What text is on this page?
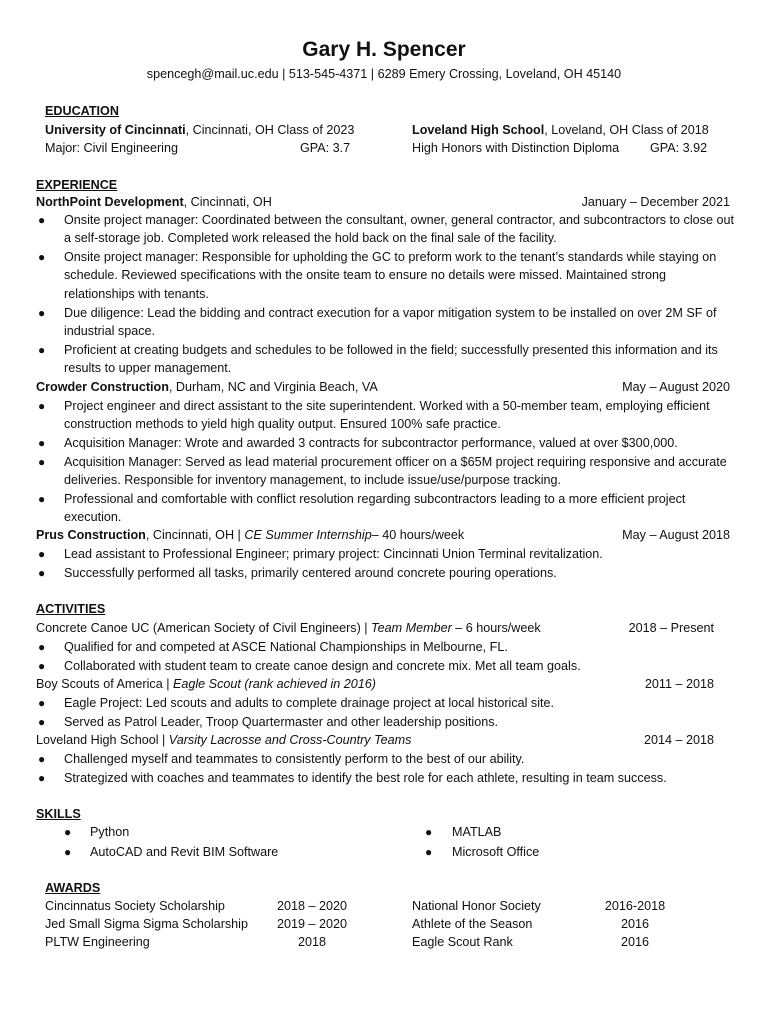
Gary H. Spencer
spencegh@mail.uc.edu | 513-545-4371 | 6289 Emery Crossing, Loveland, OH 45140
EDUCATION
University of Cincinnati, Cincinnati, OH Class of 2023
Major: Civil Engineering	GPA: 3.7
Loveland High School, Loveland, OH Class of 2018
High Honors with Distinction Diploma GPA: 3.92
EXPERIENCE
NorthPoint Development, Cincinnati, OH	January – December 2021
● Onsite project manager: Coordinated between the consultant, owner, general contractor, and subcontractors to close out a self-storage job. Completed work released the hold back on the final sale of the facility.
● Onsite project manager: Responsible for upholding the GC to preform work to the tenant’s standards while staying on schedule. Reviewed specifications with the onsite team to ensure no details were missed. Maintained strong relationships with tenants.
● Due diligence: Lead the bidding and contract execution for a vapor mitigation system to be installed on over 2M SF of industrial space.
● Proficient at creating budgets and schedules to be followed in the field; successfully presented this information and its results to upper management.
Crowder Construction, Durham, NC and Virginia Beach, VA	May – August 2020
● Project engineer and direct assistant to the site superintendent. Worked with a 50-member team, employing efficient construction methods to yield high quality output. Ensured 100% safe practice.
● Acquisition Manager: Wrote and awarded 3 contracts for subcontractor performance, valued at over $300,000.
● Acquisition Manager: Served as lead material procurement officer on a $65M project requiring responsive and accurate deliveries. Responsible for inventory management, to include issue/use/purpose tracking.
● Professional and comfortable with conflict resolution regarding subcontractors leading to a more efficient project execution.
Prus Construction, Cincinnati, OH | CE Summer Internship– 40 hours/week	May – August 2018
● Lead assistant to Professional Engineer; primary project: Cincinnati Union Terminal revitalization.
● Successfully performed all tasks, primarily centered around concrete pouring operations.
ACTIVITIES
Concrete Canoe UC (American Society of Civil Engineers) | Team Member – 6 hours/week	2018 – Present
● Qualified for and competed at ASCE National Championships in Melbourne, FL.
● Collaborated with student team to create canoe design and concrete mix. Met all team goals.
Boy Scouts of America | Eagle Scout (rank achieved in 2016)	2011 – 2018
● Eagle Project: Led scouts and adults to complete drainage project at local historical site.
● Served as Patrol Leader, Troop Quartermaster and other leadership positions.
Loveland High School | Varsity Lacrosse and Cross-Country Teams	2014 – 2018
● Challenged myself and teammates to consistently perform to the best of our ability.
● Strategized with coaches and teammates to identify the best role for each athlete, resulting in team success.
SKILLS
● Python
● AutoCAD and Revit BIM Software
● MATLAB
● Microsoft Office
AWARDS
Cincinnatus Society Scholarship	2018 – 2020
Jed Small Sigma Sigma Scholarship	2019 – 2020
PLTW Engineering	2018
National Honor Society	2016-2018
Athlete of the Season	2016
Eagle Scout Rank	2016
